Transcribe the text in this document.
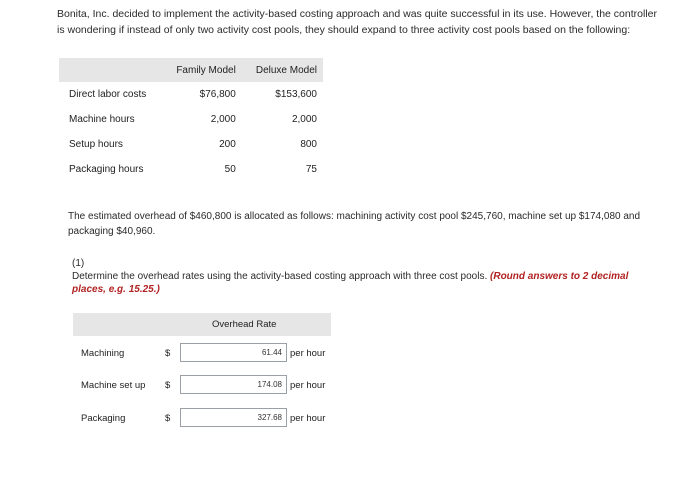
Bonita, Inc. decided to implement the activity-based costing approach and was quite successful in its use. However, the controller is wondering if instead of only two activity cost pools, they should expand to three activity cost pools based on the following:
	Family Model	Deluxe Model
Direct labor costs	$76,800	$153,600
Machine hours	2,000	2,000
Setup hours	200	800
Packaging hours	50	75
The estimated overhead of $460,800 is allocated as follows: machining activity cost pool $245,760, machine set up $174,080 and packaging $40,960.
(1)
Determine the overhead rates using the activity-based costing approach with three cost pools. (Round answers to 2 decimal places, e.g. 15.25.)
Overhead Rate
Machining	$	61.44 per hour
Machine set up $	174.08 per hour
Packaging	$	327.68 per hour
